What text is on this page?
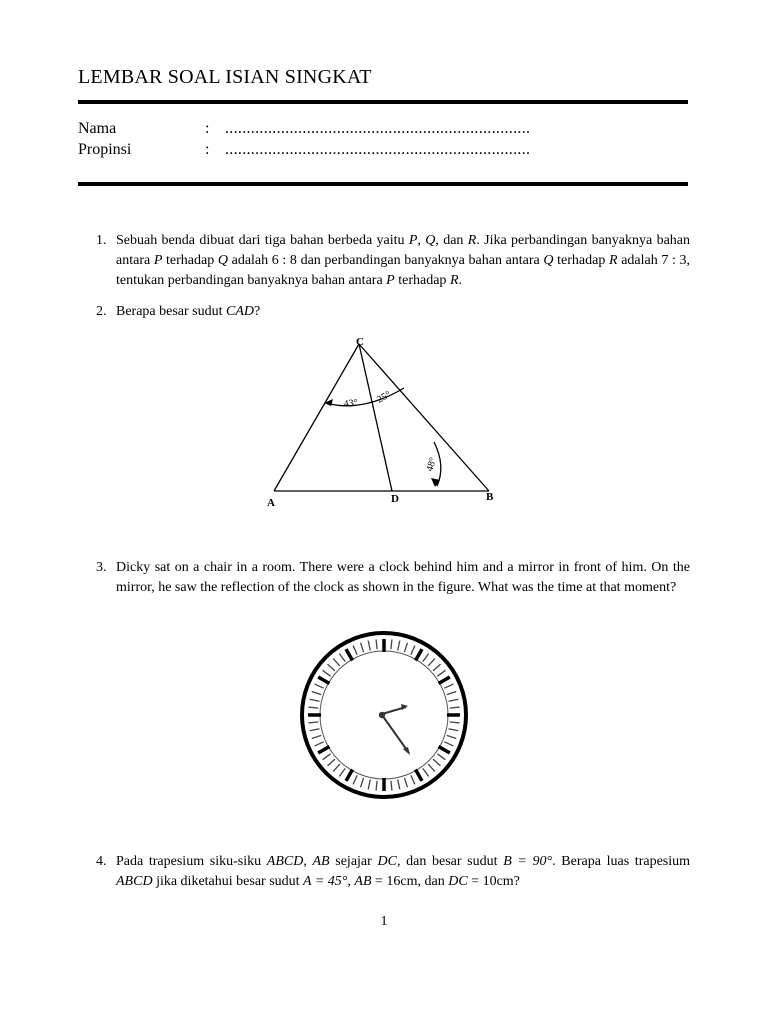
LEMBAR SOAL ISIAN SINGKAT
Nama	: .......................................................................
Propinsi	: .......................................................................
1. Sebuah benda dibuat dari tiga bahan berbeda yaitu P, Q, dan R. Jika perbandingan banyaknya bahan antara P terhadap Q adalah 6 : 8 dan perbandingan banyaknya bahan antara Q terhadap R adalah 7 : 3, tentukan perbandingan banyaknya bahan antara P terhadap R.
2. Berapa besar sudut CAD?
C
A	D	B
43° 25°
48°
3. Dicky sat on a chair in a room. There were a clock behind him and a mirror in front of him. On the mirror, he saw the reflection of the clock as shown in the figure. What was the time at that moment?
4. Pada trapesium siku-siku ABCD, AB sejajar DC, dan besar sudut B = 90°. Berapa luas trapesium ABCD jika diketahui besar sudut A = 45°, AB = 16cm, dan DC = 10cm?
1
